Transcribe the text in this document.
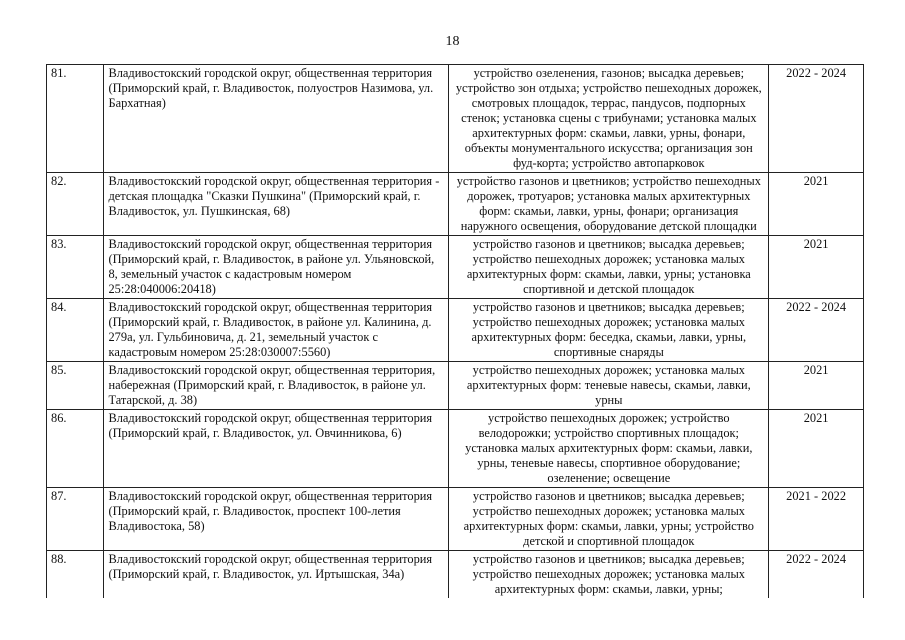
18
81.	Владивостокский городской округ, общественная территория (Приморский край, г. Владивосток, полуостров Назимова, ул. Бархатная)	устройство озеленения, газонов; высадка деревьев; устройство зон отдыха; устройство пешеходных дорожек, смотровых площадок, террас, пандусов, подпорных стенок; установка сцены с трибунами; установка малых архитектурных форм: скамьи, лавки, урны, фонари, объекты монументального искусства; организация зон фуд-корта; устройство автопарковок	2022 - 2024
82.	Владивостокский городской округ, общественная территория - детская площадка "Сказки Пушкина" (Приморский край, г. Владивосток, ул. Пушкинская, 68)	устройство газонов и цветников; устройство пешеходных дорожек, тротуаров; установка малых архитектурных форм: скамьи, лавки, урны, фонари; организация наружного освещения, оборудование детской площадки	2021
83.	Владивостокский городской округ, общественная территория (Приморский край, г. Владивосток, в районе ул. Ульяновской, 8, земельный участок с кадастровым номером 25:28:040006:20418)	устройство газонов и цветников; высадка деревьев; устройство пешеходных дорожек; установка малых архитектурных форм: скамьи, лавки, урны; установка спортивной и детской площадок	2021
84.	Владивостокский городской округ, общественная территория (Приморский край, г. Владивосток, в районе ул. Калинина, д. 279а, ул. Гульбиновича, д. 21, земельный участок с кадастровым номером 25:28:030007:5560)	устройство газонов и цветников; высадка деревьев; устройство пешеходных дорожек; установка малых архитектурных форм: беседка, скамьи, лавки, урны, спортивные снаряды	2022 - 2024
85.	Владивостокский городской округ, общественная территория, набережная (Приморский край, г. Владивосток, в районе ул. Татарской, д. 38)	устройство пешеходных дорожек; установка малых архитектурных форм: теневые навесы, скамьи, лавки, урны	2021
86.	Владивостокский городской округ, общественная территория (Приморский край, г. Владивосток, ул. Овчинникова, 6)	устройство пешеходных дорожек; устройство велодорожки; устройство спортивных площадок; установка малых архитектурных форм: скамьи, лавки, урны, теневые навесы, спортивное оборудование; озеленение; освещение	2021
87.	Владивостокский городской округ, общественная территория (Приморский край, г. Владивосток, проспект 100-летия Владивостока, 58)	устройство газонов и цветников; высадка деревьев; устройство пешеходных дорожек; установка малых архитектурных форм: скамьи, лавки, урны; устройство детской и спортивной площадок	2021 - 2022
88.	Владивостокский городской округ, общественная территория (Приморский край, г. Владивосток, ул. Иртышская, 34а)	устройство газонов и цветников; высадка деревьев; устройство пешеходных дорожек; установка малых архитектурных форм: скамьи, лавки, урны;	2022 - 2024
